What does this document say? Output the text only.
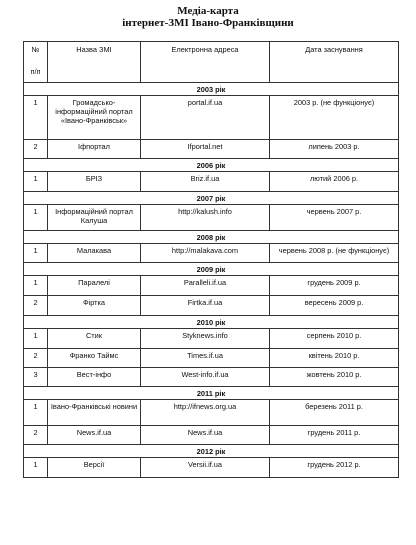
Медіа-карта
інтернет-ЗМІ Івано-Франківщини
№
п/п	Назва ЗМІ	Електронна адреса	Дата заснування

2003 рік			
1	Громадсько-інформаційний портал «Івано-Франківськ»	portal.if.ua	2003 р. (не функціонує)
2	Іфпортал	Ifportal.net	липень 2003 р.
2006 рік			
1	БРІЗ	Briz.if.ua	лютий 2006 р.
2007 рік			
1	Інформаційний портал Калуша	http://kalush.info	червень 2007 р.
2008 рік			
1	Малакава	http://malakava.com	червень 2008 р. (не функціонує)
2009 рік			
1	Паралелі	Paralleli.if.ua	грудень 2009 р.
2	Фіртка	Firtka.if.ua	вересень 2009 р.
2010 рік			
1	Стик	Styknews.info	серпень 2010 р.
2	Франко Таймс	Times.if.ua	квітень 2010 р.
3	Вест-інфо	West-info.if.ua	жовтень 2010 р.
2011 рік			
1	Івано-Франківські новини	http://ifnews.org.ua	березень 2011 р.
2	News.if.ua	News.if.ua	грудень 2011 р.
2012 рік			
1	Версії	Versii.if.ua	грудень 2012 р.
